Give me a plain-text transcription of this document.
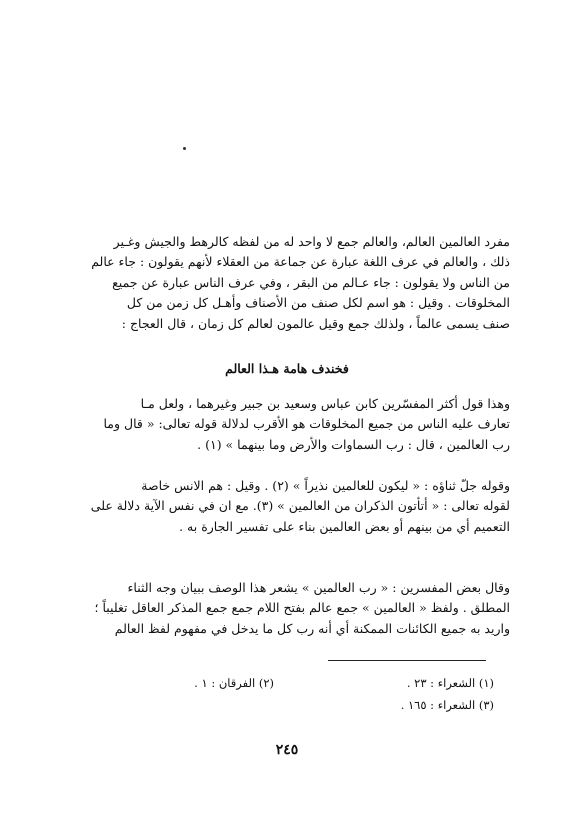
مفرد العالمين العالم، والعالم جمع لا واحد له من لفظه كالرهط والجيش وغـير
ذلك ، والعالم في عرف اللغة عبارة عن جماعة من العقلاء لأنهم يقولون : جاء عالم
من الناس ولا يقولون : جاء عـالم من البقر ، وفي عرف الناس عبارة عن جميع
المخلوقات . وقيل : هو اسم لكل صنف من الأصناف وأهـل كل زمن من كل
صنف يسمى عالماً ، ولذلك جمع وقيل عالمون لعالم كل زمان ، قال العجاج :
فخندف هامة هـذا العالم
وهذا قول أكثر المفسّرين كابن عباس وسعيد بن جبير وغيرهما ، ولعل مـا
تعارف عليه الناس من جميع المخلوقات هو الأقرب لدلالة قوله تعالى: « قال وما
رب العالمين ، قال : رب السماوات والأرض وما بينهما » (١) .
وقوله جلّ ثناؤه : « ليكون للعالمين نذيراً » (٢) . وقيل : هم الانس خاصة
لقوله تعالى : « أتأتون الذكران من العالمين » (٣). مع ان في نفس الآية دلالة على
التعميم أي من بينهم أو بعض العالمين بناء على تفسير الجارة به .
وقال بعض المفسرين : « رب العالمين » يشعر هذا الوصف ببيان وجه الثناء
المطلق . ولفظ « العالمين » جمع عالم بفتح اللام جمع جمع المذكر العاقل تغليباً ؛
واريد به جميع الكائنات الممكنة أي أنه رب كل ما يدخل في مفهوم لفظ العالم
(١) الشعراء : ٢٣ .
(٢) الفرقان : ١ .
(٣) الشعراء : ١٦٥ .
٢٤٥
